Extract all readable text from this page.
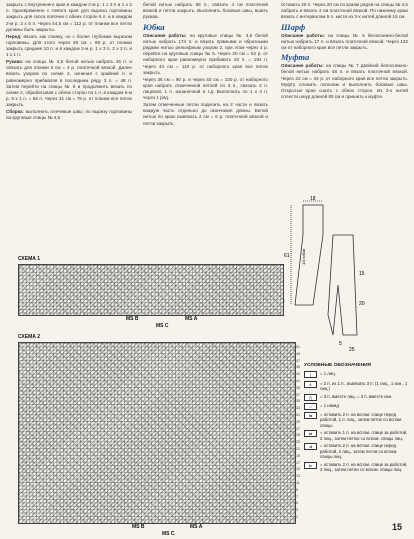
закрыть с внутреннего края в каждом 2-м р. 1 х 3 п и 1 х 2 п. Одновременно с левого края для выреза горловины закрыть для скоса полочки с обеих сторон 6 п. и в каждом 2-м р. 3 х 5 п. Через 44,5 см = 112 р. от планки все петли должны быть закрыты.

Перед: вязать как спинку, но с более глубоким вырезом горловины. Для этого через 39 см = 98 р. от планки закрыть средние 10 п. и в каждом 2-м р. 1 х 3 п, 2 х 2 п. и 1 х 1 п.

Рукава: на спицы № 4,5 белой нитью набрать 45 п. и связать для планки 2 см = 4 р. платочной вязкой. Далее вязать узором по схеме 2, начиная с крайней п. и равномерно прибавляя в последнем ряду 3 п. = 48 п. Затем перейти на спицы № 5 и продолжить вязать по схеме 2, обрабатывая с обеих сторон по 1 п. в каждом 6-м р. 9 х 1 п. = 66 п. Через 31 см = 78 р. от планки все петли закрыть.

Сборка: выполнить плечевые швы; по вырезу горловины на круговые спицы № 4,5

белой нитью набрать 68 п., связать 4 см платочной вязкой и петли закрыть. Выполнить боковые швы, вшить рукава.

Юбка

Описание работы: на круговые спицы № 4,5 белой нитью набрать 174 п. и вязать прямыми и обратными рядами нитью рельефным узором 2, при этом через 4 р. перейти на круговые спицы № 5. Через 20 см = 52 р. от наборного края равномерно прибавить 20 п. = 194 п. Через 44 см = 110 р. от наборного края все петли закрыть.

Через 36 см = 90 р. и через 40 см = 100 р. от наборного края набрать отмеченной петлей по 3 п., связать 2 п. лицевой, 1 п. изнаночной и т.д. Выполнить по 1 х 4 п. через 1 ряд.

Затем отмеченные петли поделить на 2 части и вязать каждую часть отдельно до окончания длины. Белой нитью по краю вывязать 2 см = 6 р. платочной вязкой и петли закрыть.

оставить 25 п. Через 20 см по краям рядов на спицы № 4,5 набрать и вязать 4 см платочной вязкой. По нижнему краю вязать с интервалом 5 п. кисти из 3-х нитей длиной 15 см.

Шарф

Описание работы: на спицы № 5 белоснежно-белой нитью набрать 17 п. и вязать платочной вязкой. Через 132 см от наборного края все петли закрыть.

Муфта

Описание работы: на спицы № 7 двойной белоснежно-белой нитью набрать 48 п. и вязать платочной вязкой. Через 22 см = 44 р. от наборного края все петли закрыть. Муфту сложить пополам и выполнить боковые швы. Открытые края сшить с обеих сторон. Из 3-х нитей сплести шнур длиной 85 см и пришить к муфте.

18
61	1/4 юбки
15
20
5
25
СХЕМА 1
MS B	MS A
MS C
СХЕМА 2
MS B	MS A
MS C
УСЛОВНЫЕ ОБОЗНАЧЕНИЯ
|	= 1 лиц.
∧	= 2 п. из 1 п., вывязать 3 п. (1 лиц., 1 изн., 1 лиц.)
⋀	= 3 п. вместе лиц. = 3 п. вместе изн.
○	= 1 накид
⇆	= оставить 2 п. на вспом. спице перед работой, 1 п. лиц., затем петли со вспом. спицы
⇄	= оставить 1 п. на вспом. спице за работой, 2 лиц., затем петлю со вспом. спицы лиц.
⇉	= оставить 2 п. на вспом. спице перед работой, 2 лиц., затем петли со вспом. спицы лиц.
⇇	= оставить 2 п. на вспом. спице за работой, 2 лиц., затем петли со вспом. спицы лиц.
15
1
3
5
7
9
11
13
15
17
19
21
23
25
27
29
31
33
35
37
39
41
43
45
47
49
51
